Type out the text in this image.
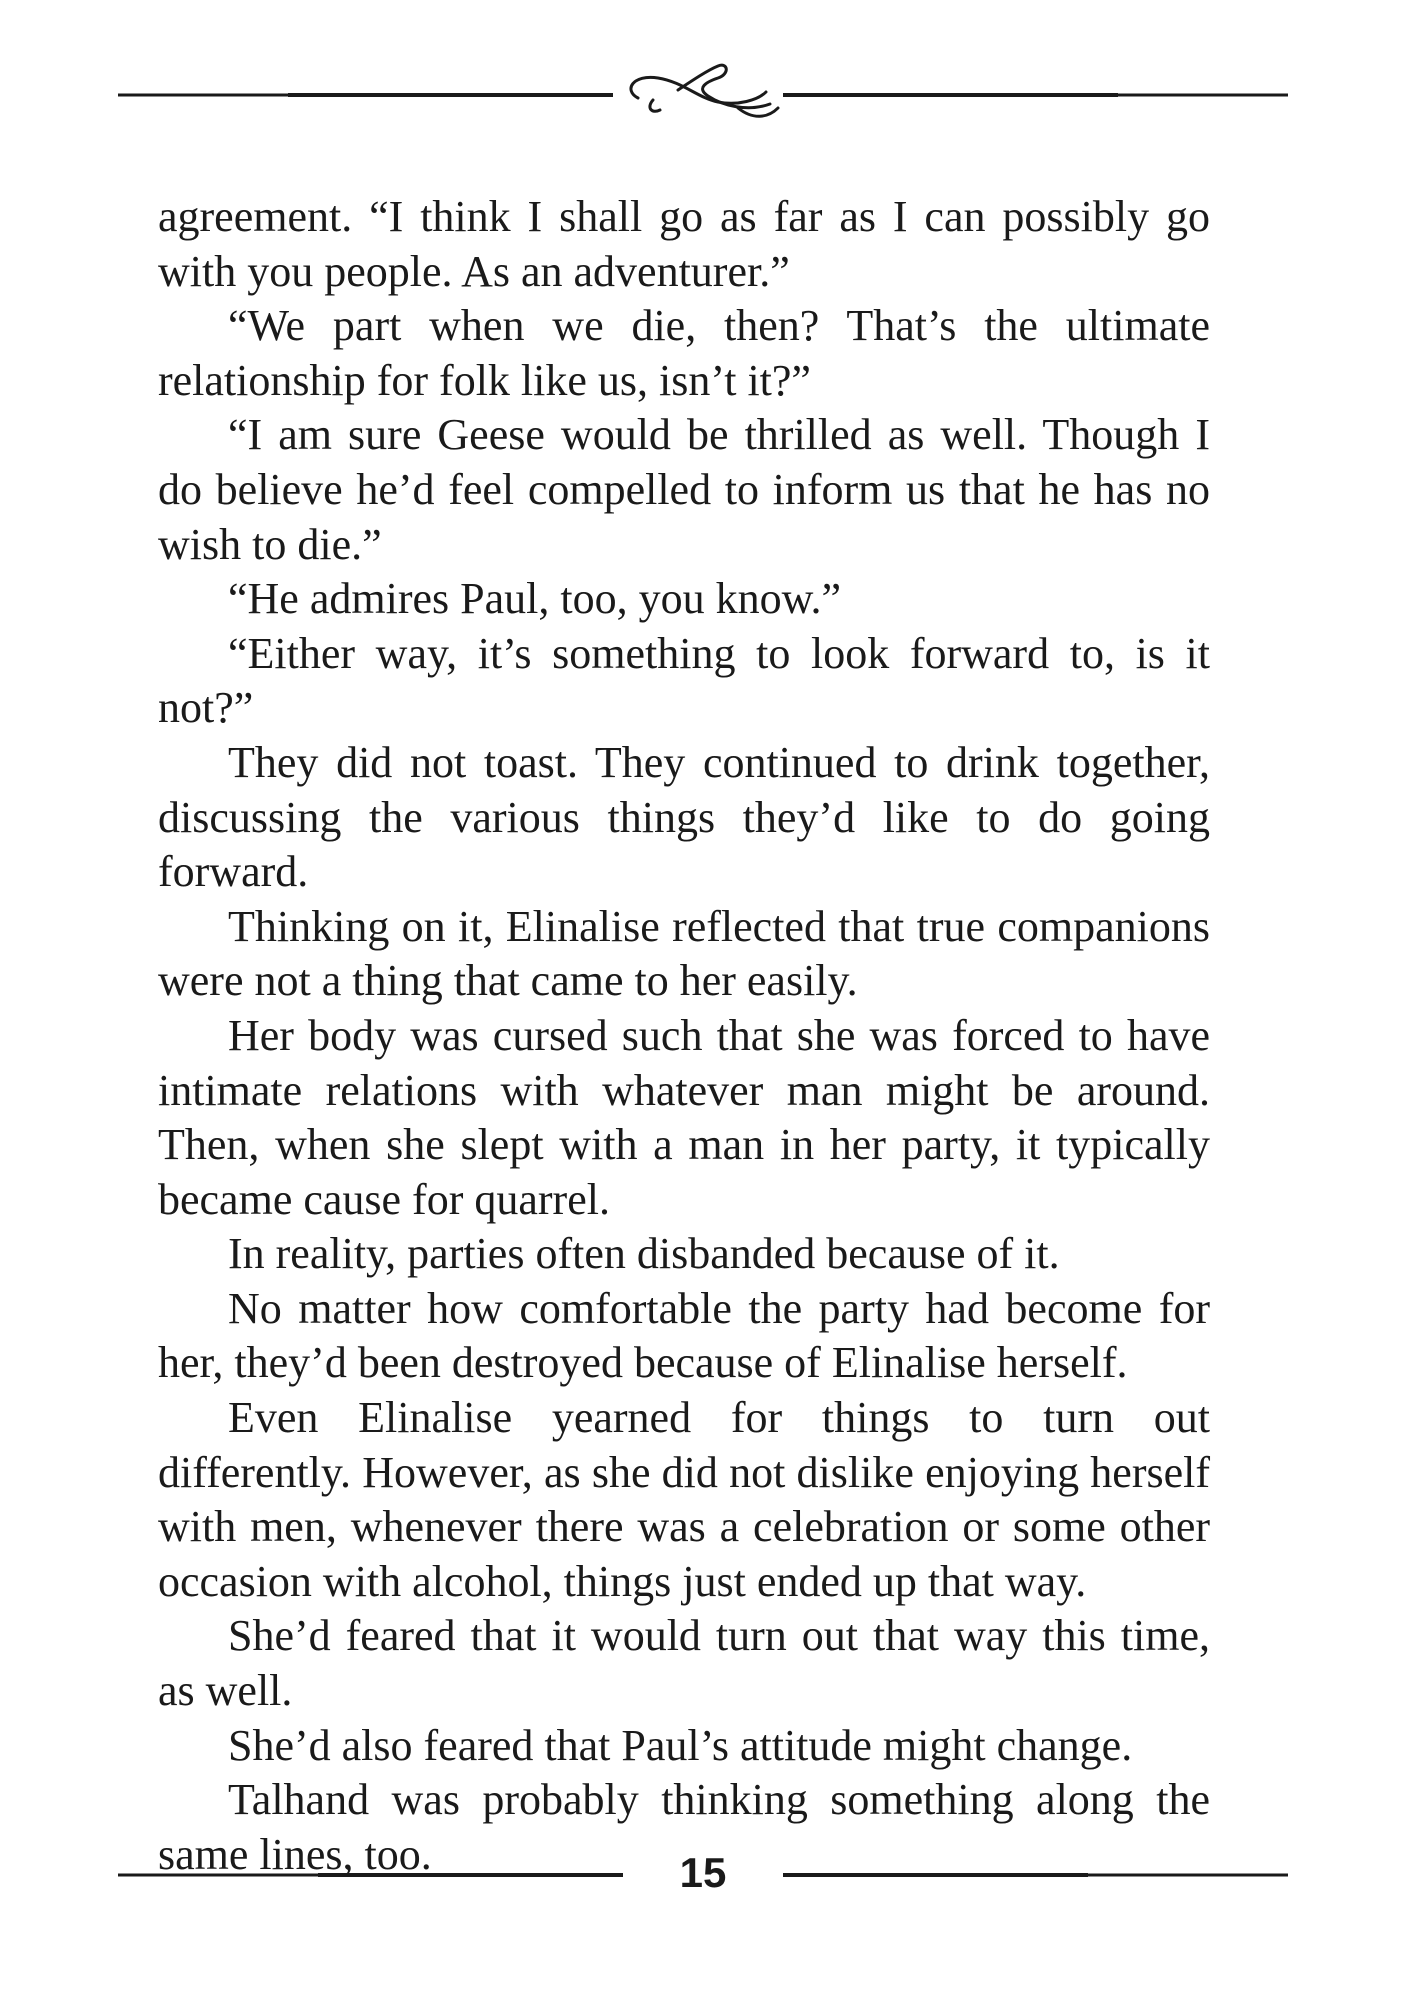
agreement. “I think I shall go as far as I can possibly go with you people. As an adventurer.”

“We part when we die, then? That’s the ultimate relationship for folk like us, isn’t it?”

“I am sure Geese would be thrilled as well. Though I do believe he’d feel compelled to inform us that he has no wish to die.”

“He admires Paul, too, you know.”

“Either way, it’s something to look forward to, is it not?”

They did not toast. They continued to drink together, discussing the various things they’d like to do going forward.

Thinking on it, Elinalise reflected that true companions were not a thing that came to her easily.

Her body was cursed such that she was forced to have intimate relations with whatever man might be around. Then, when she slept with a man in her party, it typically became cause for quarrel.

In reality, parties often disbanded because of it.

No matter how comfortable the party had become for her, they’d been destroyed because of Elinalise herself.

Even Elinalise yearned for things to turn out differently. However, as she did not dislike enjoying herself with men, whenever there was a celebration or some other occasion with alcohol, things just ended up that way.

She’d feared that it would turn out that way this time, as well.

She’d also feared that Paul’s attitude might change.

Talhand was probably thinking something along the same lines, too.	15
